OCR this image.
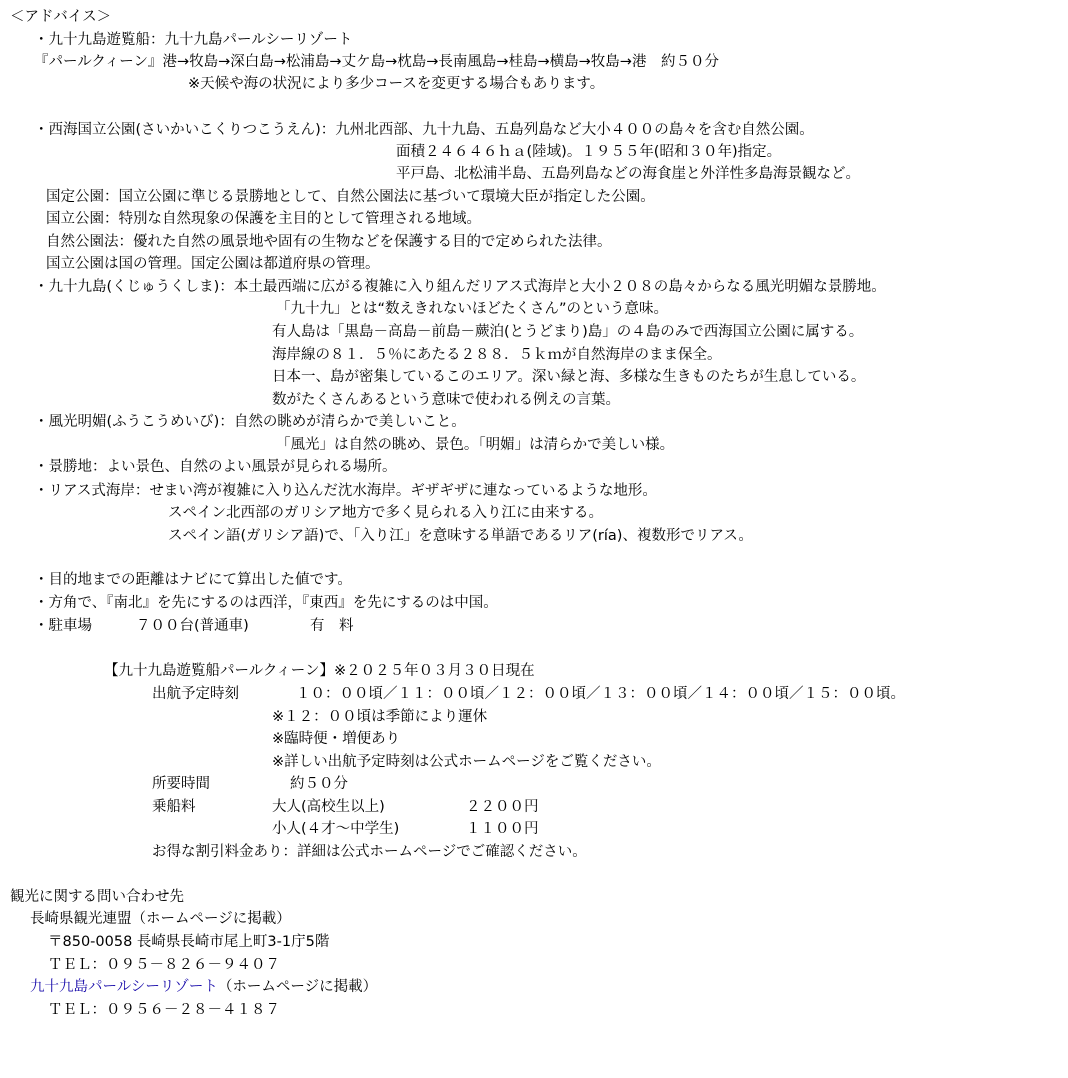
＜アドバイス＞
・九十九島遊覧船：九十九島パールシーリゾート
『パールクィーン』港→牧島→深白島→松浦島→丈ケ島→枕島→長南風島→桂島→横島→牧島→港　約５０分
※天候や海の状況により多少コースを変更する場合もあります。
・西海国立公園(さいかいこくりつこうえん)：九州北西部、九十九島、五島列島など大小４００の島々を含む自然公園。
面積２４６４６ｈａ(陸域)。１９５５年(昭和３０年)指定。
平戸島、北松浦半島、五島列島などの海食崖と外洋性多島海景観など。
国定公園：国立公園に準じる景勝地として、自然公園法に基づいて環境大臣が指定した公園。
国立公園：特別な自然現象の保護を主目的として管理される地域。
自然公園法：優れた自然の風景地や固有の生物などを保護する目的で定められた法律。
国立公園は国の管理。国定公園は都道府県の管理。
・九十九島(くじゅうくしま)：本土最西端に広がる複雑に入り組んだリアス式海岸と大小２０８の島々からなる風光明媚な景勝地。
「九十九」とは“数えきれないほどたくさん”のという意味。
有人島は「黒島－高島－前島－蕨泊(とうどまり)島」の４島のみで西海国立公園に属する。
海岸線の８１．５％にあたる２８８．５ｋｍが自然海岸のまま保全。
日本一、島が密集しているこのエリア。深い緑と海、多様な生きものたちが生息している。
数がたくさんあるという意味で使われる例えの言葉。
・風光明媚(ふうこうめいび)：自然の眺めが清らかで美しいこと。
「風光」は自然の眺め、景色。「明媚」は清らかで美しい様。
・景勝地：よい景色、自然のよい風景が見られる場所。
・リアス式海岸：せまい湾が複雑に入り込んだ沈水海岸。ギザギザに連なっているような地形。
スペイン北西部のガリシア地方で多く見られる入り江に由来する。
スペイン語(ガリシア語)で、「入り江」を意味する単語であるリア(ría)、複数形でリアス。
・目的地までの距離はナビにて算出した値です。
・方角で、『南北』を先にするのは西洋，『東西』を先にするのは中国。
・駐車場	７００台(普通車)	有　料
【九十九島遊覧船パールクィーン】※２０２５年０３月３０日現在
出航予定時刻	１０：００頃／１１：００頃／１２：００頃／１３：００頃／１４：００頃／１５：００頃。
※１２：００頃は季節により運休
※臨時便・増便あり
※詳しい出航予定時刻は公式ホームページをご覧ください。
所要時間	約５０分
乗船料	大人(高校生以上)	２２００円
小人(４才～中学生)	１１００円
お得な割引料金あり：詳細は公式ホームページでご確認ください。
観光に関する問い合わせ先
長崎県観光連盟（ホームページに掲載）
〒850-0058 長崎県長崎市尾上町3-1庁5階
ＴＥＬ：０９５－８２６－９４０７
九十九島パールシーリゾート（ホームページに掲載）
ＴＥＬ：０９５６－２８－４１８７
